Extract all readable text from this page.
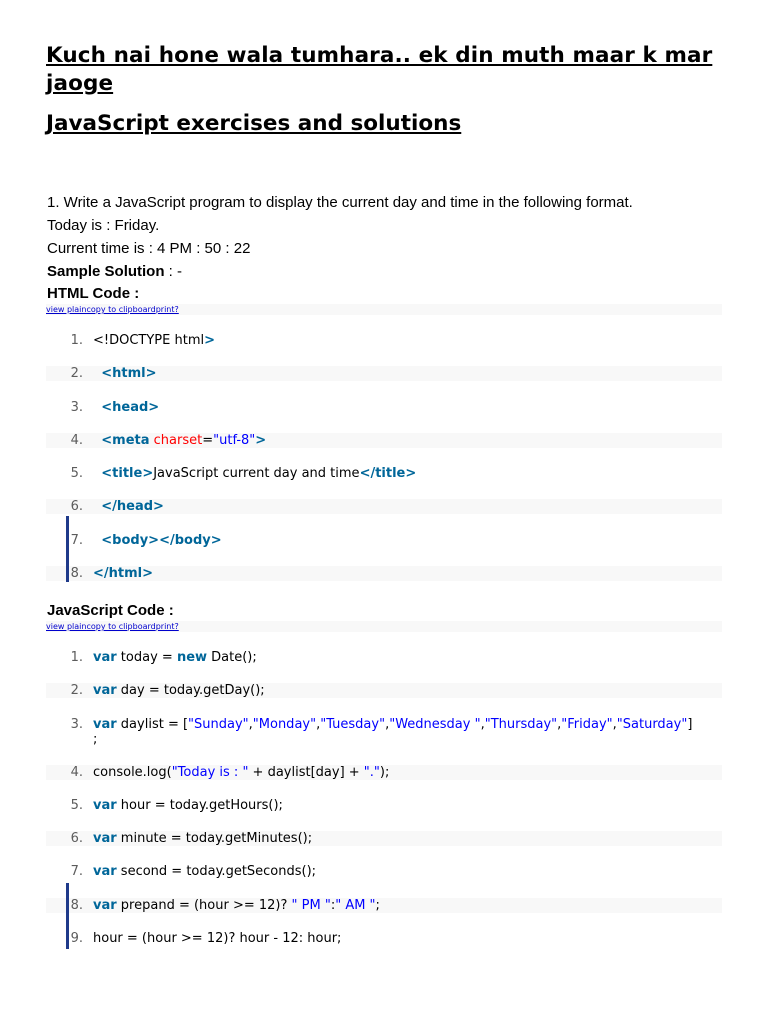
Kuch nai hone wala tumhara.. ek din muth maar k mar jaoge
JavaScript exercises and solutions

1. Write a JavaScript program to display the current day and time in the following format.

Today is : Friday.

Current time is : 4 PM : 50 : 22

Sample Solution : -

HTML Code :

view plaincopy to clipboardprint?
1. <!DOCTYPE html>
2. <html>
3. <head>
4. <meta charset="utf-8">
5. <title>JavaScript current day and time</title>
6. </head>
7. <body></body>
8. </html>

JavaScript Code :

view plaincopy to clipboardprint?
1. var today = new Date();
2. var day = today.getDay();
3. var daylist = ["Sunday","Monday","Tuesday","Wednesday ","Thursday","Friday","Saturday"]
;
4. console.log("Today is : " + daylist[day] + ".");
5. var hour = today.getHours();
6. var minute = today.getMinutes();
7. var second = today.getSeconds();
8. var prepand = (hour >= 12)? " PM ":" AM ";
9. hour = (hour >= 12)? hour - 12: hour;
